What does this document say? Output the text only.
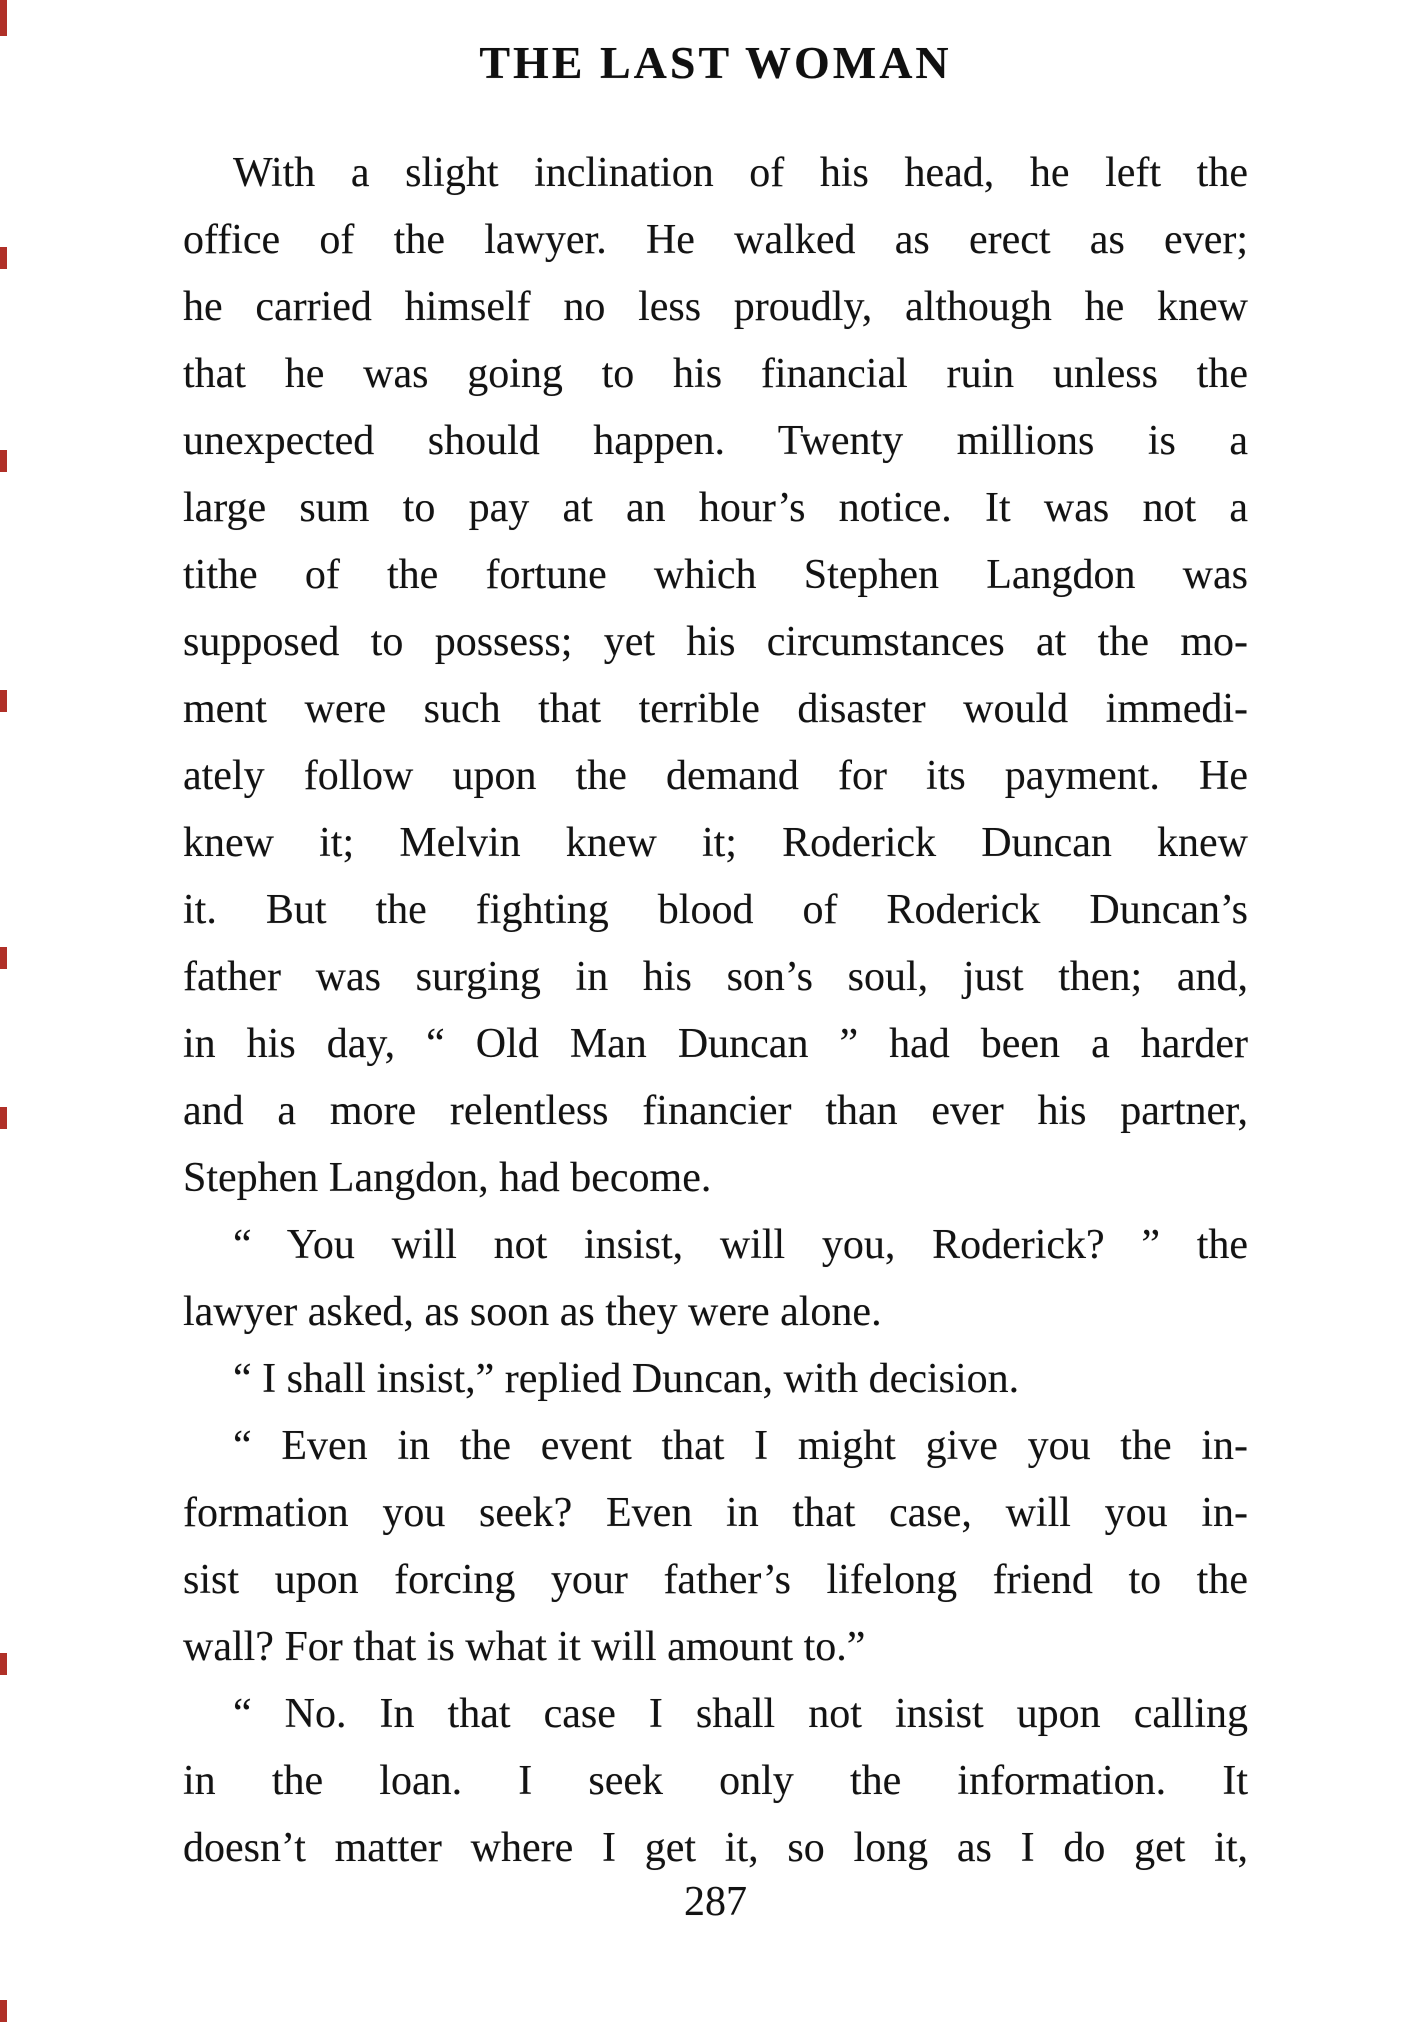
THE LAST WOMAN
With a slight inclination of his head, he left the
office of the lawyer. He walked as erect as ever;
he carried himself no less proudly, although he knew
that he was going to his financial ruin unless the
unexpected should happen. Twenty millions is a
large sum to pay at an hour’s notice. It was not a
tithe of the fortune which Stephen Langdon was
supposed to possess; yet his circumstances at the mo-
ment were such that terrible disaster would immedi-
ately follow upon the demand for its payment. He
knew it; Melvin knew it; Roderick Duncan knew
it. But the fighting blood of Roderick Duncan’s
father was surging in his son’s soul, just then; and,
in his day, “ Old Man Duncan ” had been a harder
and a more relentless financier than ever his partner,
Stephen Langdon, had become.
“ You will not insist, will you, Roderick? ” the
lawyer asked, as soon as they were alone.
“ I shall insist,” replied Duncan, with decision.
“ Even in the event that I might give you the in-
formation you seek? Even in that case, will you in-
sist upon forcing your father’s lifelong friend to the
wall? For that is what it will amount to.”
“ No. In that case I shall not insist upon calling
in the loan. I seek only the information. It
doesn’t matter where I get it, so long as I do get it,
287
